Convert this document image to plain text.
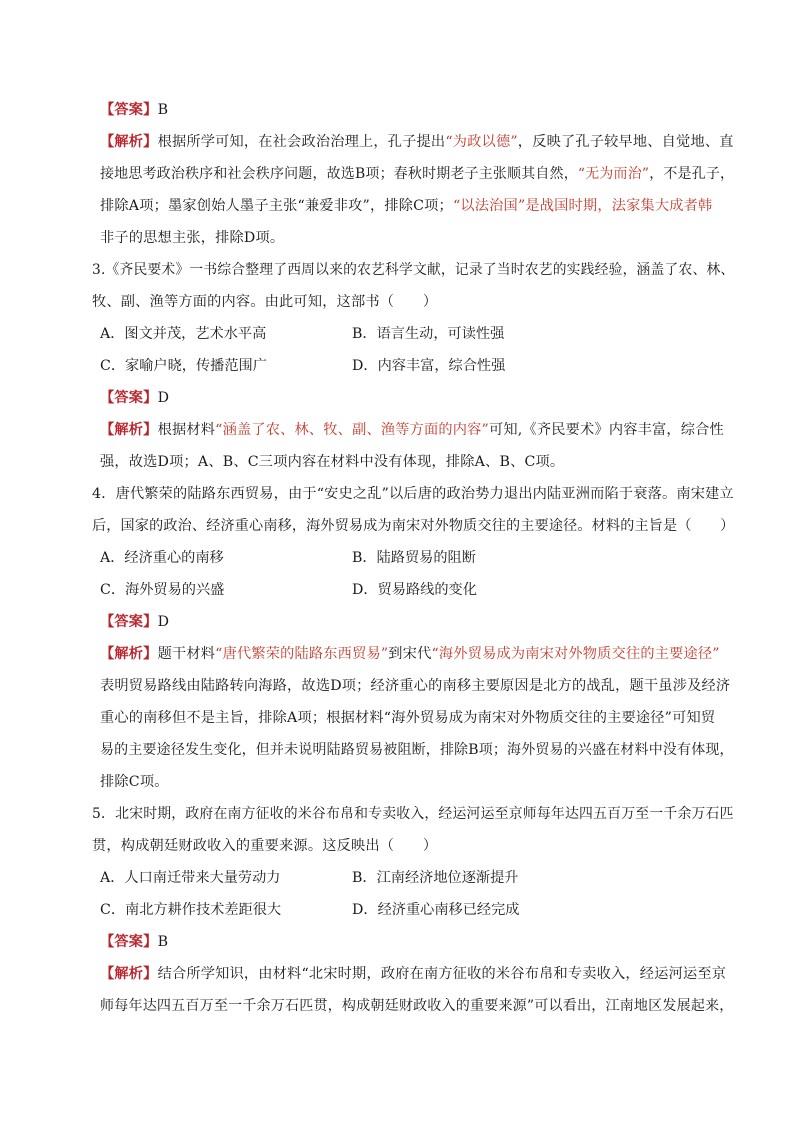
【答案】B
【解析】根据所学可知，在社会政治治理上，孔子提出“为政以德”，反映了孔子较早地、自觉地、直
接地思考政治秩序和社会秩序问题，故选B项；春秋时期老子主张顺其自然，“无为而治”，不是孔子，
排除A项；墨家创始人墨子主张“兼爱非攻”，排除C项；“以法治国”是战国时期，法家集大成者韩
非子的思想主张，排除D项。
3.《齐民要术》一书综合整理了西周以来的农艺科学文献，记录了当时农艺的实践经验，涵盖了农、林、
牧、副、渔等方面的内容。由此可知，这部书（　　）
A．图文并茂，艺术水平高	B．语言生动，可读性强
C．家喻户晓，传播范围广	D．内容丰富，综合性强
【答案】D
【解析】根据材料“涵盖了农、林、牧、副、渔等方面的内容”可知,《齐民要术》内容丰富，综合性
强，故选D项；A、B、C三项内容在材料中没有体现，排除A、B、C项。
4．唐代繁荣的陆路东西贸易，由于“安史之乱”以后唐的政治势力退出内陆亚洲而陷于衰落。南宋建立
后，国家的政治、经济重心南移，海外贸易成为南宋对外物质交往的主要途径。材料的主旨是（　　）
A．经济重心的南移	B．陆路贸易的阻断
C．海外贸易的兴盛	D．贸易路线的变化
【答案】D
【解析】题干材料“唐代繁荣的陆路东西贸易”到宋代“海外贸易成为南宋对外物质交往的主要途径”
表明贸易路线由陆路转向海路，故选D项；经济重心的南移主要原因是北方的战乱，题干虽涉及经济
重心的南移但不是主旨，排除A项；根据材料“海外贸易成为南宋对外物质交往的主要途径”可知贸
易的主要途径发生变化，但并未说明陆路贸易被阻断，排除B项；海外贸易的兴盛在材料中没有体现，
排除C项。
5．北宋时期，政府在南方征收的米谷布帛和专卖收入，经运河运至京师每年达四五百万至一千余万石匹
贯，构成朝廷财政收入的重要来源。这反映出（　　）
A．人口南迁带来大量劳动力	B．江南经济地位逐渐提升
C．南北方耕作技术差距很大	D．经济重心南移已经完成
【答案】B
【解析】结合所学知识，由材料“北宋时期，政府在南方征收的米谷布帛和专卖收入，经运河运至京
师每年达四五百万至一千余万石匹贯，构成朝廷财政收入的重要来源”可以看出，江南地区发展起来，
